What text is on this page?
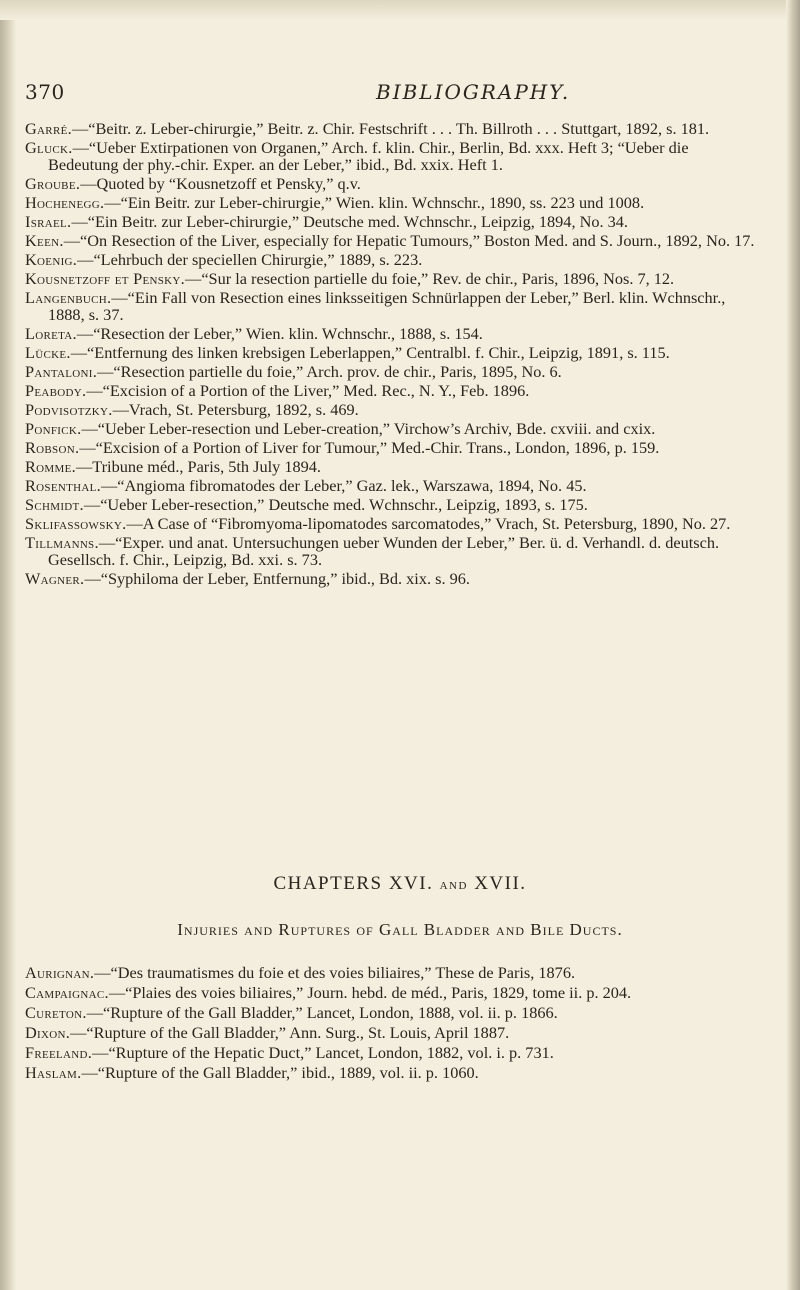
370	BIBLIOGRAPHY.

Garré.—“Beitr. z. Leber-chirurgie,” Beitr. z. Chir. Festschrift . . . Th. Billroth . . . Stuttgart, 1892, s. 181.

Gluck.—“Ueber Extirpationen von Organen,” Arch. f. klin. Chir., Berlin, Bd. xxx. Heft 3; “Ueber die Bedeutung der phy.-chir. Exper. an der Leber,” ibid., Bd. xxix. Heft 1.

Groube.—Quoted by “Kousnetzoff et Pensky,” q.v.

Hochenegg.—“Ein Beitr. zur Leber-chirurgie,” Wien. klin. Wchnschr., 1890, ss. 223 und 1008.

Israel.—“Ein Beitr. zur Leber-chirurgie,” Deutsche med. Wchnschr., Leipzig, 1894, No. 34.

Keen.—“On Resection of the Liver, especially for Hepatic Tumours,” Boston Med. and S. Journ., 1892, No. 17.

Koenig.—“Lehrbuch der speciellen Chirurgie,” 1889, s. 223.

Kousnetzoff et Pensky.—“Sur la resection partielle du foie,” Rev. de chir., Paris, 1896, Nos. 7, 12.

Langenbuch.—“Ein Fall von Resection eines linksseitigen Schnürlappen der Leber,” Berl. klin. Wchnschr., 1888, s. 37.

Loreta.—“Resection der Leber,” Wien. klin. Wchnschr., 1888, s. 154.

Lücke.—“Entfernung des linken krebsigen Leberlappen,” Centralbl. f. Chir., Leipzig, 1891, s. 115.

Pantaloni.—“Resection partielle du foie,” Arch. prov. de chir., Paris, 1895, No. 6.

Peabody.—“Excision of a Portion of the Liver,” Med. Rec., N. Y., Feb. 1896.

Podvisotzky.—Vrach, St. Petersburg, 1892, s. 469.

Ponfick.—“Ueber Leber-resection und Leber-creation,” Virchow’s Archiv, Bde. cxviii. and cxix.

Robson.—“Excision of a Portion of Liver for Tumour,” Med.-Chir. Trans., London, 1896, p. 159.

Romme.—Tribune méd., Paris, 5th July 1894.

Rosenthal.—“Angioma fibromatodes der Leber,” Gaz. lek., Warszawa, 1894, No. 45.

Schmidt.—“Ueber Leber-resection,” Deutsche med. Wchnschr., Leipzig, 1893, s. 175.

Sklifassowsky.—A Case of “Fibromyoma-lipomatodes sarcomatodes,” Vrach, St. Petersburg, 1890, No. 27.

Tillmanns.—“Exper. und anat. Untersuchungen ueber Wunden der Leber,” Ber. ü. d. Verhandl. d. deutsch. Gesellsch. f. Chir., Leipzig, Bd. xxi. s. 73.

Wagner.—“Syphiloma der Leber, Entfernung,” ibid., Bd. xix. s. 96.

CHAPTERS XVI. and XVII.
Injuries and Ruptures of Gall Bladder and Bile Ducts.

Aurignan.—“Des traumatismes du foie et des voies biliaires,” These de Paris, 1876.

Campaignac.—“Plaies des voies biliaires,” Journ. hebd. de méd., Paris, 1829, tome ii. p. 204.

Cureton.—“Rupture of the Gall Bladder,” Lancet, London, 1888, vol. ii. p. 1866.

Dixon.—“Rupture of the Gall Bladder,” Ann. Surg., St. Louis, April 1887.

Freeland.—“Rupture of the Hepatic Duct,” Lancet, London, 1882, vol. i. p. 731.

Haslam.—“Rupture of the Gall Bladder,” ibid., 1889, vol. ii. p. 1060.
